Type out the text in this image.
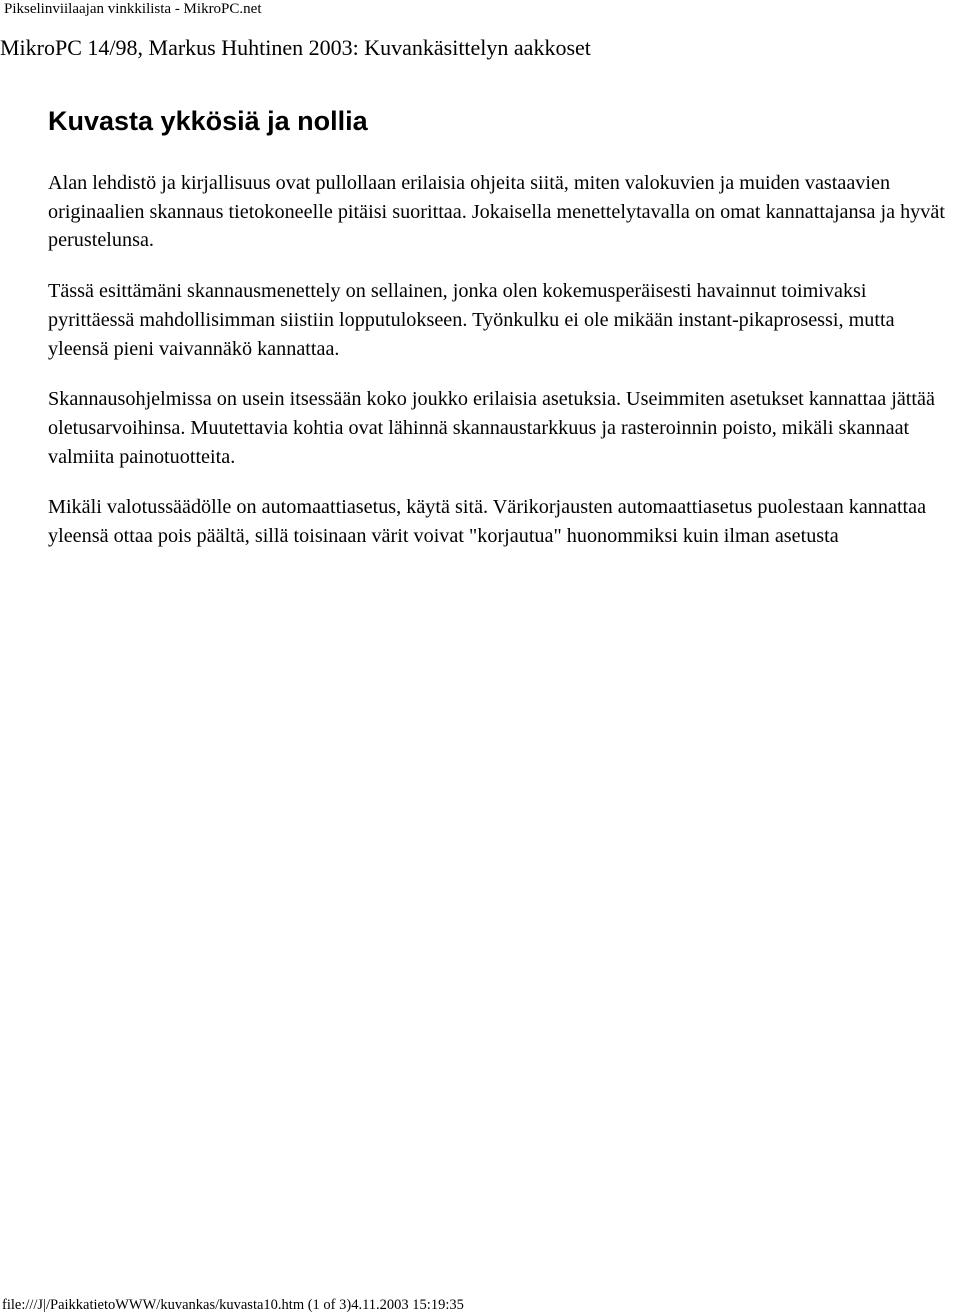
Pikselinviilaajan vinkkilista - MikroPC.net
MikroPC 14/98, Markus Huhtinen 2003: Kuvankäsittelyn aakkoset
Kuvasta ykkösiä ja nollia

Alan lehdistö ja kirjallisuus ovat pullollaan erilaisia ohjeita siitä, miten valokuvien ja muiden vastaavien originaalien skannaus tietokoneelle pitäisi suorittaa. Jokaisella menettelytavalla on omat kannattajansa ja hyvät perustelunsa.

Tässä esittämäni skannausmenettely on sellainen, jonka olen kokemusperäisesti havainnut toimivaksi pyrittäessä mahdollisimman siistiin lopputulokseen. Työnkulku ei ole mikään instant-pikaprosessi, mutta yleensä pieni vaivannäkö kannattaa.

Skannausohjelmissa on usein itsessään koko joukko erilaisia asetuksia. Useimmiten asetukset kannattaa jättää oletusarvoihinsa. Muutettavia kohtia ovat lähinnä skannaustarkkuus ja rasteroinnin poisto, mikäli skannaat valmiita painotuotteita.

Mikäli valotussäädölle on automaattiasetus, käytä sitä. Värikorjausten automaattiasetus puolestaan kannattaa yleensä ottaa pois päältä, sillä toisinaan värit voivat "korjautua" huonommiksi kuin ilman asetusta

file:///J|/PaikkatietoWWW/kuvankas/kuvasta10.htm (1 of 3)4.11.2003 15:19:35
